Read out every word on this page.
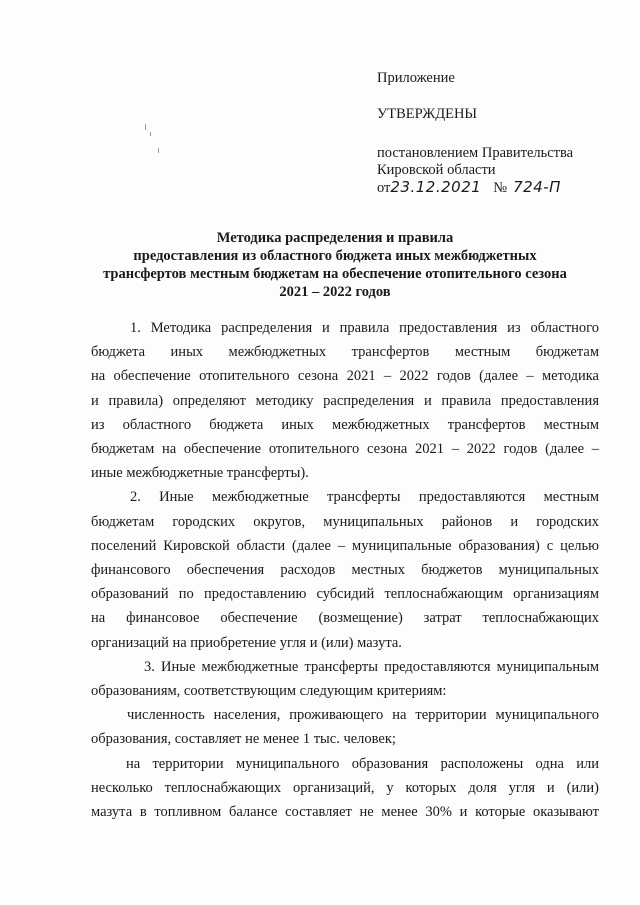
Приложение
УТВЕРЖДЕНЫ
постановлением Правительства
Кировской области
от23.12.2021 № 724-П
Методика распределения и правила
предоставления из областного бюджета иных межбюджетных
трансфертов местным бюджетам на обеспечение отопительного сезона
2021 – 2022 годов
1. Методика распределения и правила предоставления из областного
бюджета иных межбюджетных трансфертов местным бюджетам
на обеспечение отопительного сезона 2021 – 2022 годов (далее – методика
и правила) определяют методику распределения и правила предоставления
из областного бюджета иных межбюджетных трансфертов местным
бюджетам на обеспечение отопительного сезона 2021 – 2022 годов (далее –
иные межбюджетные трансферты).
2. Иные межбюджетные трансферты предоставляются местным
бюджетам городских округов, муниципальных районов и городских
поселений Кировской области (далее – муниципальные образования) с целью
финансового обеспечения расходов местных бюджетов муниципальных
образований по предоставлению субсидий теплоснабжающим организациям
на финансовое обеспечение (возмещение) затрат теплоснабжающих
организаций на приобретение угля и (или) мазута.
3. Иные межбюджетные трансферты предоставляются муниципальным
образованиям, соответствующим следующим критериям:
численность населения, проживающего на территории муниципального
образования, составляет не менее 1 тыс. человек;
на территории муниципального образования расположены одна или
несколько теплоснабжающих организаций, у которых доля угля и (или)
мазута в топливном балансе составляет не менее 30% и которые оказывают
